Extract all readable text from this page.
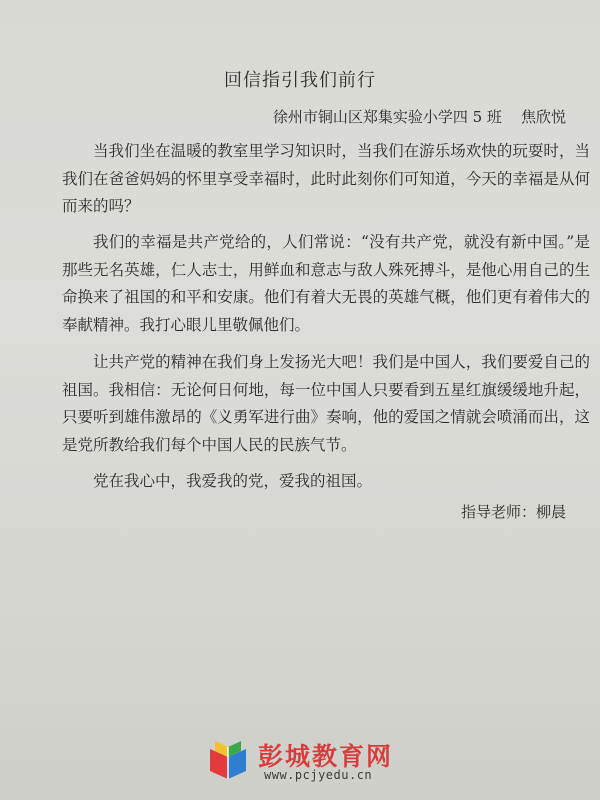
回信指引我们前行
徐州市铜山区郑集实验小学四 5 班    焦欣悦
当我们坐在温暖的教室里学习知识时，当我们在游乐场欢快的玩耍时，当我们在爸爸妈妈的怀里享受幸福时，此时此刻你们可知道，今天的幸福是从何而来的吗？
我们的幸福是共产党给的，人们常说：“没有共产党，就没有新中国。”是那些无名英雄，仁人志士，用鲜血和意志与敌人殊死搏斗，是他心用自己的生命换来了祖国的和平和安康。他们有着大无畏的英雄气概，他们更有着伟大的奉献精神。我打心眼儿里敬佩他们。
让共产党的精神在我们身上发扬光大吧！我们是中国人，我们要爱自己的祖国。我相信：无论何日何地，每一位中国人只要看到五星红旗缓缓地升起，只要听到雄伟激昂的《义勇军进行曲》奏响，他的爱国之情就会喷涌而出，这是党所教给我们每个中国人民的民族气节。
党在我心中，我爱我的党，爱我的祖国。
指导老师：柳晨
彭城教育网
www.pcjyedu.cn
